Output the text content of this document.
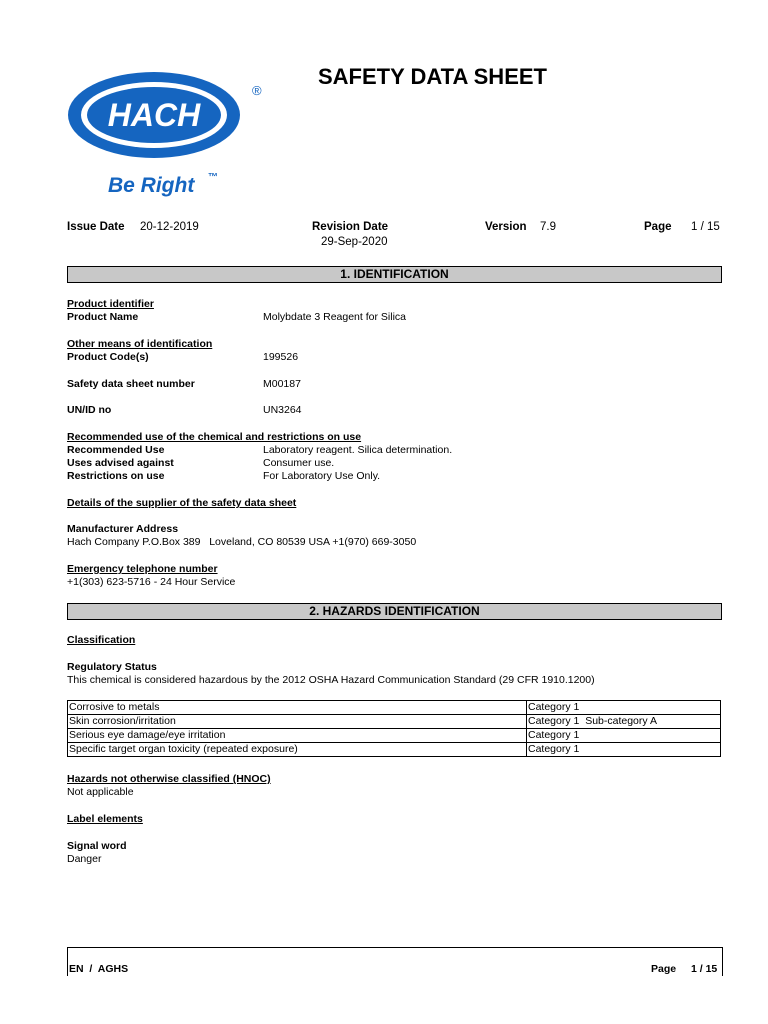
HACH
®
Be Right ™
SAFETY DATA SHEET
Issue Date 20-12-2019	Revision Date
29-Sep-2020
Version 7.9	Page 1 / 15
1. IDENTIFICATION
Product identifier
Product Name	Molybdate 3 Reagent for Silica
Other means of identification
Product Code(s)	199526
Safety data sheet number	M00187
UN/ID no	UN3264
Recommended use of the chemical and restrictions on use
Recommended Use	Laboratory reagent. Silica determination.
Uses advised against	Consumer use.
Restrictions on use	For Laboratory Use Only.
Details of the supplier of the safety data sheet
Manufacturer Address
Hach Company P.O.Box 389   Loveland, CO 80539 USA +1(970) 669-3050
Emergency telephone number
+1(303) 623-5716 - 24 Hour Service
2. HAZARDS IDENTIFICATION
Classification
Regulatory Status
This chemical is considered hazardous by the 2012 OSHA Hazard Communication Standard (29 CFR 1910.1200)
Corrosive to metals	Category 1
Skin corrosion/irritation	Category 1  Sub-category A
Serious eye damage/eye irritation	Category 1
Specific target organ toxicity (repeated exposure)	Category 1
Hazards not otherwise classified (HNOC)
Not applicable
Label elements
Signal word
Danger
EN  /  AGHS	Page 1 / 15
